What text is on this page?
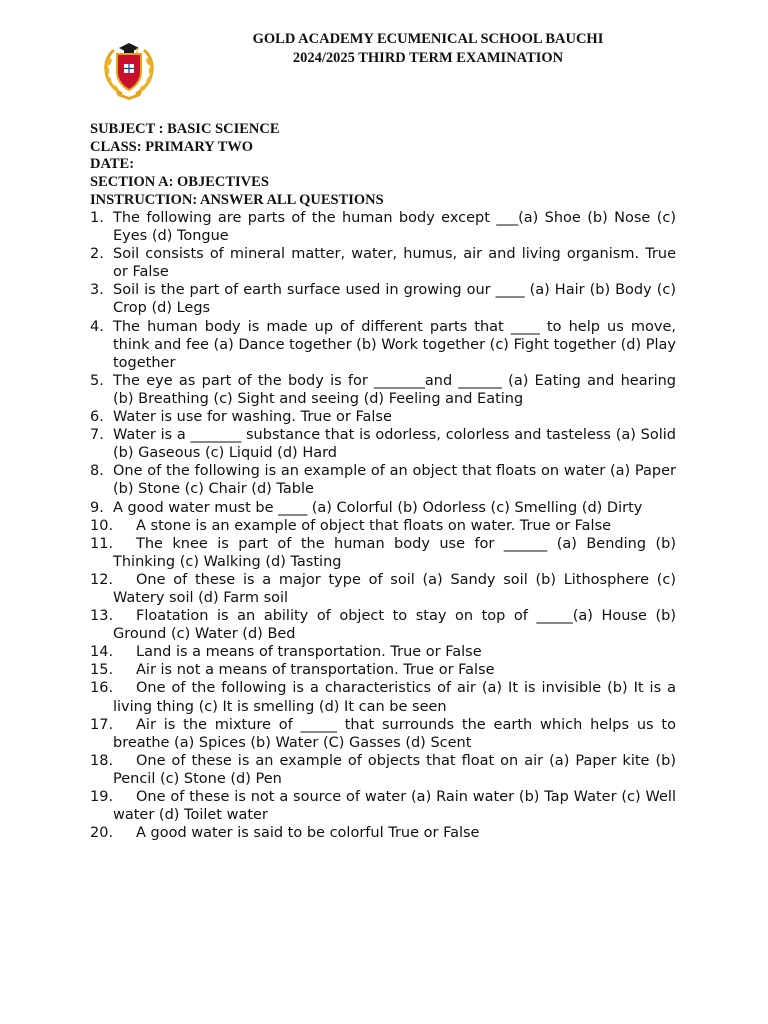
GOLD ACADEMY ECUMENICAL SCHOOL BAUCHI
2024/2025 THIRD TERM EXAMINATION
SUBJECT : BASIC SCIENCE
CLASS: PRIMARY TWO
DATE:
SECTION A: OBJECTIVES
INSTRUCTION: ANSWER ALL QUESTIONS
1. The following are parts of the human body except ___(a) Shoe (b) Nose (c) Eyes (d) Tongue
2. Soil consists of mineral matter, water, humus, air and living organism. True or False
3. Soil is the part of earth surface used in growing our ____ (a) Hair (b) Body (c) Crop (d) Legs
4. The human body is made up of different parts that ____ to help us move, think and fee (a) Dance together (b) Work together (c) Fight together (d) Play together
5. The eye as part of the body is for _______and ______ (a) Eating and hearing (b) Breathing (c) Sight and seeing (d) Feeling and Eating
6. Water is use for washing. True or False
7. Water is a _______ substance that is odorless, colorless and tasteless (a) Solid (b) Gaseous (c) Liquid (d) Hard
8. One of the following is an example of an object that floats on water (a) Paper (b) Stone (c) Chair (d) Table
9. A good water must be ____ (a) Colorful (b) Odorless (c) Smelling (d) Dirty
10.	A stone is an example of object that floats on water. True or False
11.	The knee is part of the human body use for ______ (a) Bending (b) Thinking (c) Walking (d) Tasting
12.	One of these is a major type of soil (a) Sandy soil (b) Lithosphere (c) Watery soil (d) Farm soil
13.	Floatation is an ability of object to stay on top of _____(a) House (b) Ground (c) Water (d) Bed
14.	Land is a means of transportation. True or False
15.	Air is not a means of transportation. True or False
16.	One of the following is a characteristics of air (a) It is invisible (b) It is a living thing (c) It is smelling (d) It can be seen
17.	Air is the mixture of _____ that surrounds the earth which helps us to breathe (a) Spices (b) Water (C) Gasses (d) Scent
18.	One of these is an example of objects that float on air (a) Paper kite (b) Pencil (c) Stone (d) Pen
19.	One of these is not a source of water (a) Rain water (b) Tap Water (c) Well water (d) Toilet water
20.	A good water is said to be colorful True or False
